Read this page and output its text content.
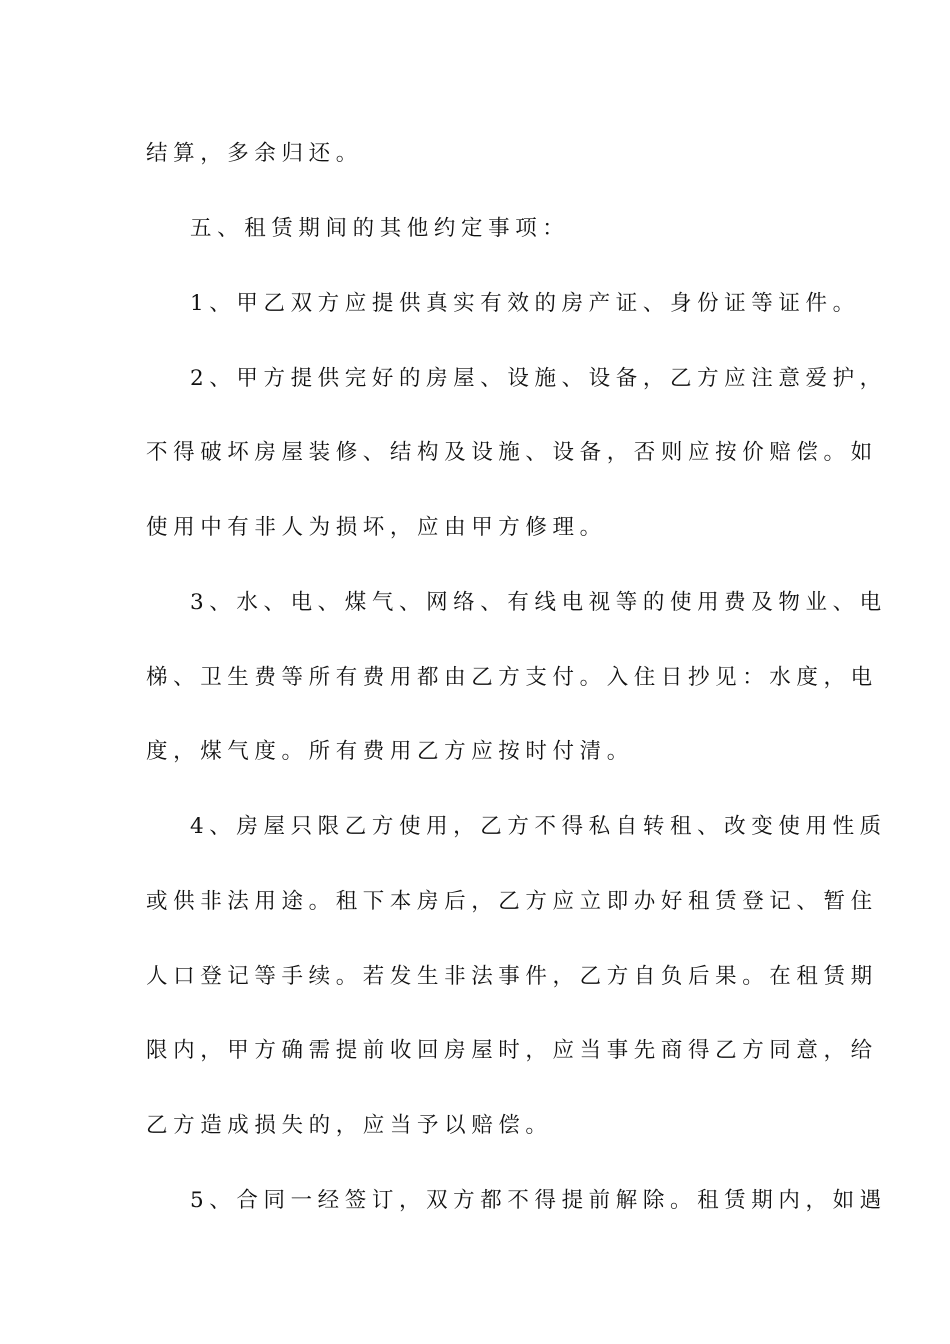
结算，多余归还。
五、租赁期间的其他约定事项：
1、甲乙双方应提供真实有效的房产证、身份证等证件。
2、甲方提供完好的房屋、设施、设备，乙方应注意爱护，
不得破坏房屋装修、结构及设施、设备，否则应按价赔偿。如
使用中有非人为损坏，应由甲方修理。
3、水、电、煤气、网络、有线电视等的使用费及物业、电
梯、卫生费等所有费用都由乙方支付。入住日抄见：水度，电
度，煤气度。所有费用乙方应按时付清。
4、房屋只限乙方使用，乙方不得私自转租、改变使用性质
或供非法用途。租下本房后，乙方应立即办好租赁登记、暂住
人口登记等手续。若发生非法事件，乙方自负后果。在租赁期
限内，甲方确需提前收回房屋时，应当事先商得乙方同意，给
乙方造成损失的，应当予以赔偿。
5、合同一经签订，双方都不得提前解除。租赁期内，如遇
